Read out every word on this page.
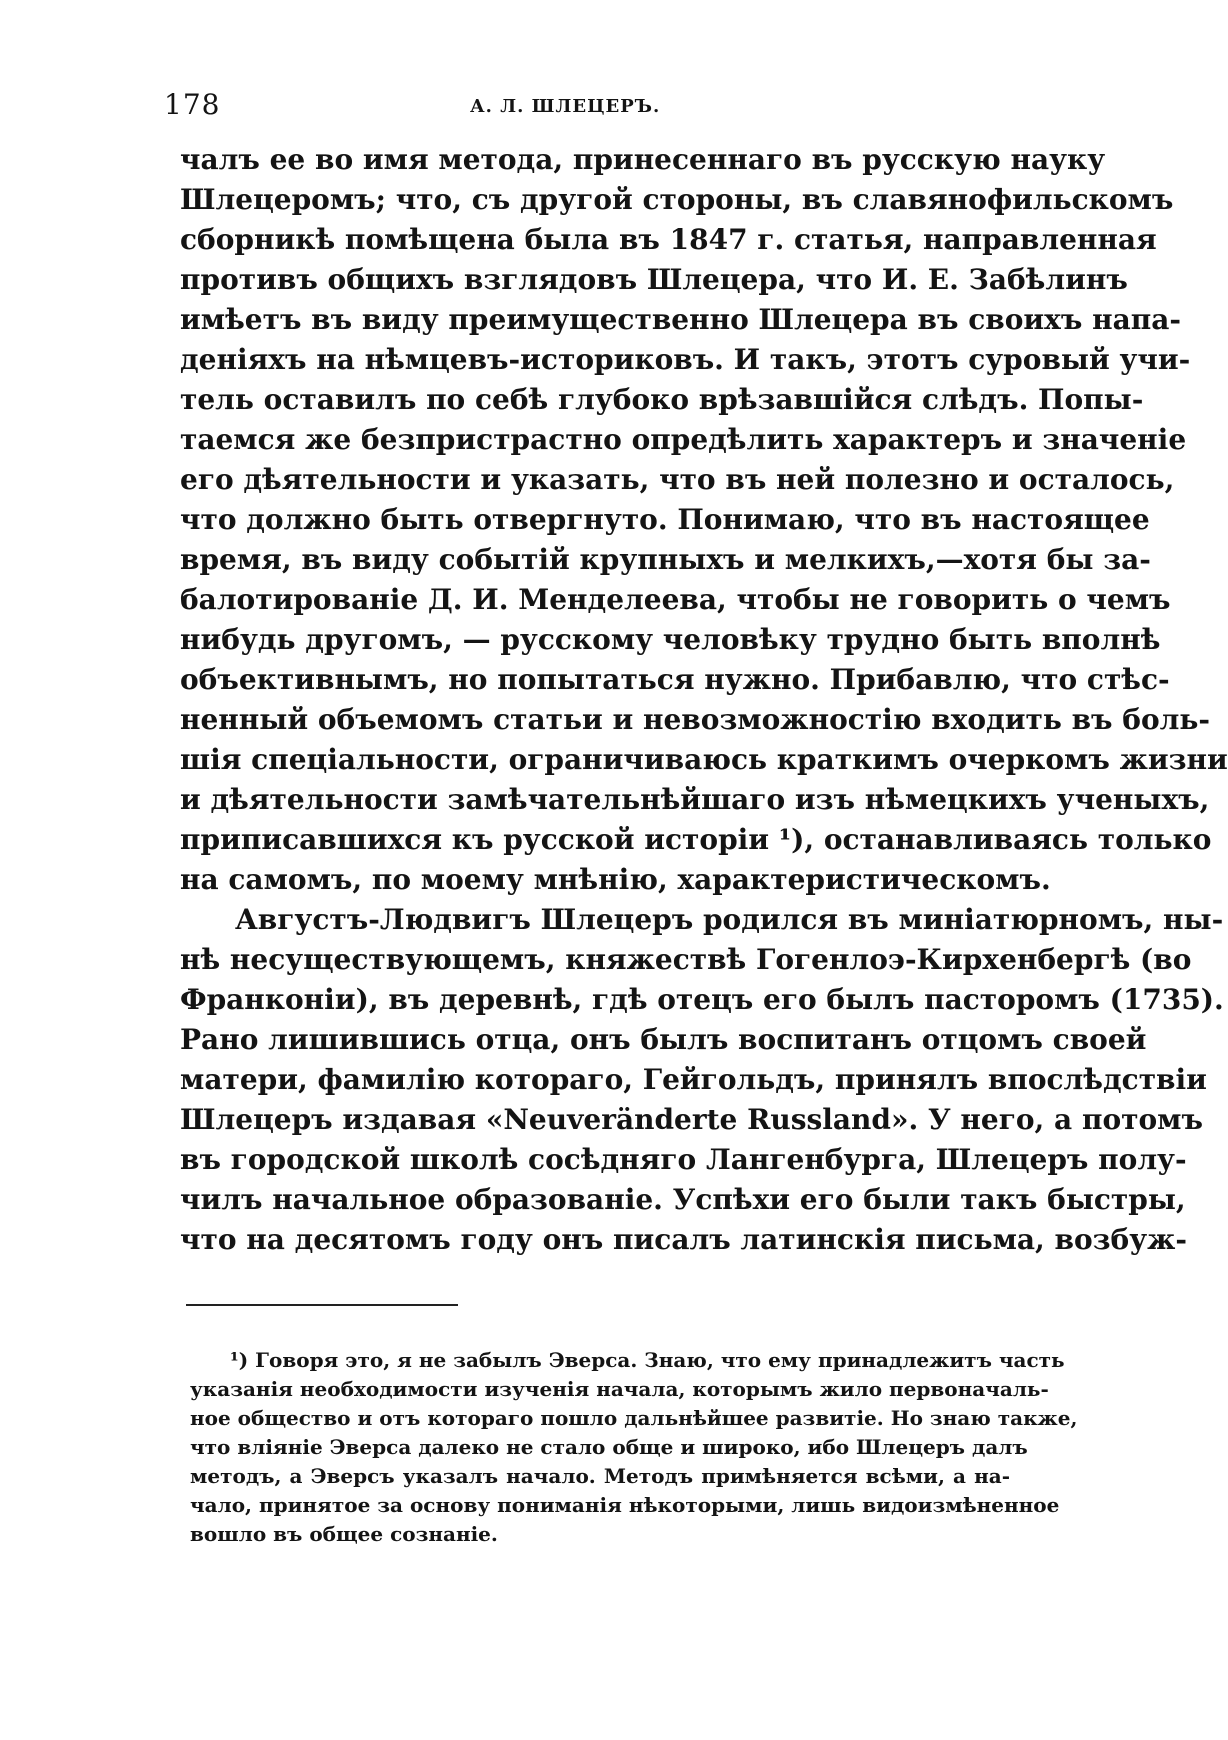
178	А. Л. ШЛЕЦЕРЪ.
чалъ ее во имя метода, принесеннаго въ русскую науку
Шлецеромъ; что, съ другой стороны, въ славянофильскомъ
сборникѣ помѣщена была въ 1847 г. статья, направленная
противъ общихъ взглядовъ Шлецера, что И. Е. Забѣлинъ
имѣетъ въ виду преимущественно Шлецера въ своихъ напа-
деніяхъ на нѣмцевъ-историковъ. И такъ, этотъ суровый учи-
тель оставилъ по себѣ глубоко врѣзавшійся слѣдъ. Попы-
таемся же безпристрастно опредѣлить характеръ и значеніе
его дѣятельности и указать, что въ ней полезно и осталось,
что должно быть отвергнуто. Понимаю, что въ настоящее
время, въ виду событій крупныхъ и мелкихъ,—хотя бы за-
балотированіе Д. И. Менделеева, чтобы не говорить о чемъ
нибудь другомъ, — русскому человѣку трудно быть вполнѣ
объективнымъ, но попытаться нужно. Прибавлю, что стѣс-
ненный объемомъ статьи и невозможностію входить въ боль-
шія спеціальности, ограничиваюсь краткимъ очеркомъ жизни
и дѣятельности замѣчательнѣйшаго изъ нѣмецкихъ ученыхъ,
приписавшихся къ русской исторіи ¹), останавливаясь только
на самомъ, по моему мнѣнію, характеристическомъ.
Августъ-Людвигъ Шлецеръ родился въ миніатюрномъ, ны-
нѣ несуществующемъ, княжествѣ Гогенлоэ-Кирхенбергѣ (во
Франконіи), въ деревнѣ, гдѣ отецъ его былъ пасторомъ (1735).
Рано лишившись отца, онъ былъ воспитанъ отцомъ своей
матери, фамилію котораго, Гейгольдъ, принялъ впослѣдствіи
Шлецеръ издавая «Neuveränderte Russland». У него, а потомъ
въ городской школѣ сосѣдняго Лангенбурга, Шлецеръ полу-
чилъ начальное образованіе. Успѣхи его были такъ быстры,
что на десятомъ году онъ писалъ латинскія письма, возбуж-
¹) Говоря это, я не забылъ Эверса. Знаю, что ему принадлежитъ часть
указанія необходимости изученія начала, которымъ жило первоначаль-
ное общество и отъ котораго пошло дальнѣйшее развитіе. Но знаю также,
что вліяніе Эверса далеко не стало обще и широко, ибо Шлецеръ далъ
методъ, а Эверсъ указалъ начало. Методъ примѣняется всѣми, а на-
чало, принятое за основу пониманія нѣкоторыми, лишь видоизмѣненное
вошло въ общее сознаніе.
